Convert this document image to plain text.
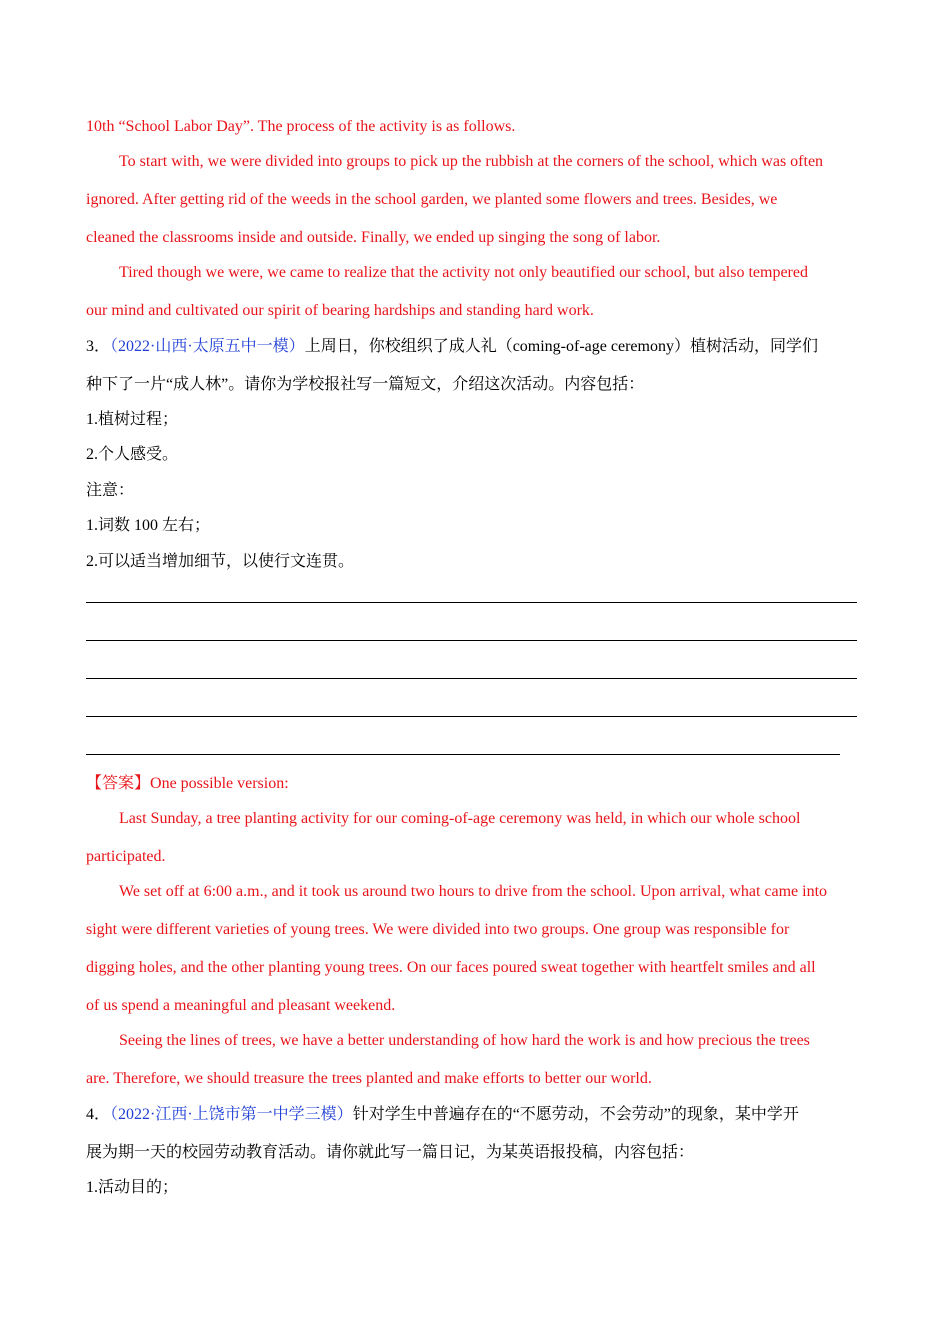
10th “School Labor Day”. The process of the activity is as follows.
To start with, we were divided into groups to pick up the rubbish at the corners of the school, which was often
ignored. After getting rid of the weeds in the school garden, we planted some flowers and trees. Besides, we
cleaned the classrooms inside and outside. Finally, we ended up singing the song of labor.
Tired though we were, we came to realize that the activity not only beautified our school, but also tempered
our mind and cultivated our spirit of bearing hardships and standing hard work.
3．（2022·山西·太原五中一模）上周日，你校组织了成人礼（coming-of-age ceremony）植树活动，同学们
种下了一片“成人林”。请你为学校报社写一篇短文，介绍这次活动。内容包括：
1.植树过程；
2.个人感受。
注意：
1.词数 100 左右；
2.可以适当增加细节，以使行文连贯。
【答案】One possible version:
Last Sunday, a tree planting activity for our coming-of-age ceremony was held, in which our whole school
participated.
We set off at 6:00 a.m., and it took us around two hours to drive from the school. Upon arrival, what came into
sight were different varieties of young trees. We were divided into two groups. One group was responsible for
digging holes, and the other planting young trees. On our faces poured sweat together with heartfelt smiles and all
of us spend a meaningful and pleasant weekend.
Seeing the lines of trees, we have a better understanding of how hard the work is and how precious the trees
are. Therefore, we should treasure the trees planted and make efforts to better our world.
4．（2022·江西·上饶市第一中学三模）针对学生中普遍存在的“不愿劳动，不会劳动”的现象，某中学开
展为期一天的校园劳动教育活动。请你就此写一篇日记，为某英语报投稿，内容包括：
1.活动目的；
